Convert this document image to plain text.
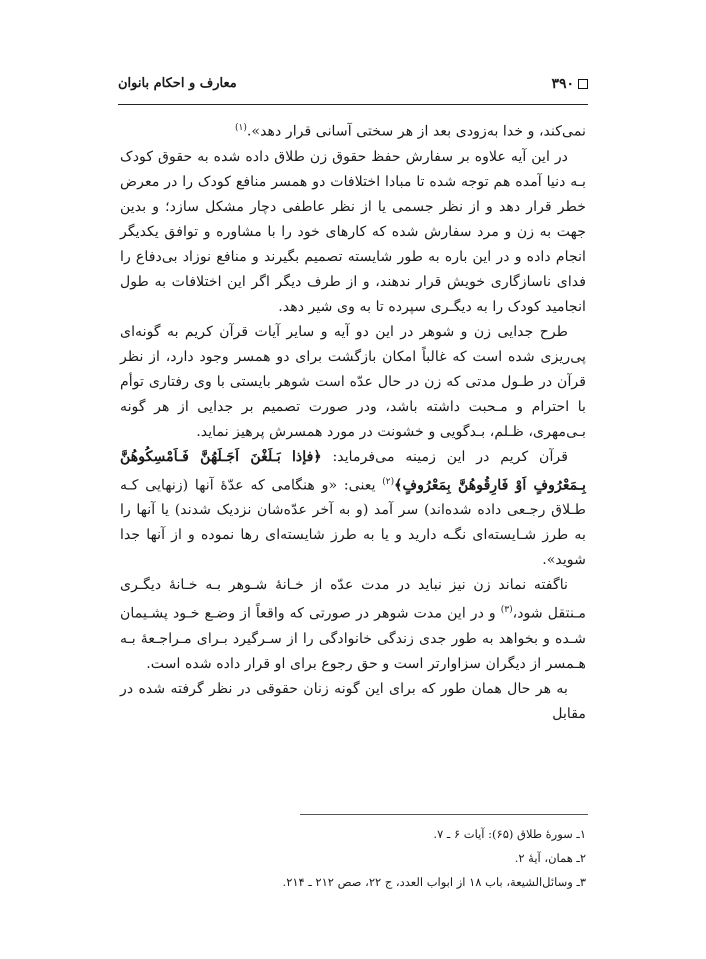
۳۹۰
معارف و احکام بانوان

نمی‌کند، و خدا به‌زودی بعد از هر سختی آسانی قرار دهد».$^{(۱)}$

در این آیه علاوه بر سفارش حفظ حقوق زن طلاق داده شده به حقوق کودک بـه دنیا آمده هم توجه شده تا مبادا اختلافات دو همسر منافع کودک را در معرض خطر قرار دهد و از نظر جسمی یا از نظر عاطفی دچار مشکل سازد؛ و بدین جهت به زن و مرد سفارش شده که کارهای خود را با مشاوره و توافق یکدیگر انجام داده و در این باره به طور شایسته تصمیم بگیرند و منافع نوزاد بی‌دفاع را فدای ناسازگاری خویش قرار ندهند، و از طرف دیگر اگر این اختلافات به طول انجامید کودک را به دیگـری سپرده تا به وی شیر دهد.

طرح جدایی زن و شوهر در این دو آیه و سایر آیات قرآن کریم به گونه‌ای پی‌ریزی شده است که غالباً امکان بازگشت برای دو همسر وجود دارد، از نظر قرآن در طـول مدتی که زن در حال عدّه است شوهر بایستی با وی رفتاری توأم با احترام و مـحبت داشته باشد، ودر صورت تصمیم بر جدایی از هر گونه بـی‌مهری، ظـلم، بـدگویی و خشونت در مورد همسرش پرهیز نماید.

قرآن کریم در این زمینه می‌فرماید: ﴿فإذا بَـلَغْنَ اَجَـلَهُنَّ فَـاَمْسِكُوهُنَّ بِـمَعْرُوفٍ اَوْ فَارِقُوهُنَّ بِمَعْرُوفٍ﴾$^{(۲)}$ یعنی: «و هنگامی که عدّهٔ آنها (زنهایی کـه طـلاق رجـعی داده شده‌اند) سر آمد (و به آخر عدّه‌شان نزدیک شدند) یا آنها را به طرز شـایسته‌ای نگـه دارید و یا به طرز شایسته‌ای رها نموده و از آنها جدا شوید».

ناگفته نماند زن نیز نباید در مدت عدّه از خـانهٔ شـوهر بـه خـانهٔ دیگـری مـنتقل شود،$^{(۳)}$ و در این مدت شوهر در صورتی که واقعاً از وضـع خـود پشـیمان شـده و بخواهد به طور جدی زندگی خانوادگی را از سـرگیرد بـرای مـراجـعهٔ بـه هـمسر از دیگران سزاوارتر است و حق رجوع برای او قرار داده شده است.

به هر حال همان طور که برای این گونه زنان حقوقی در نظر گرفته شده در مقابل

۱ـ سورهٔ طلاق (۶۵): آیات ۶ ـ ۷.
۲ـ همان، آیهٔ ۲.
۳ـ وسائل‌الشیعة، باب ۱۸ از ابواب العدد، ج ۲۲، صص ۲۱۲ ـ ۲۱۴.
